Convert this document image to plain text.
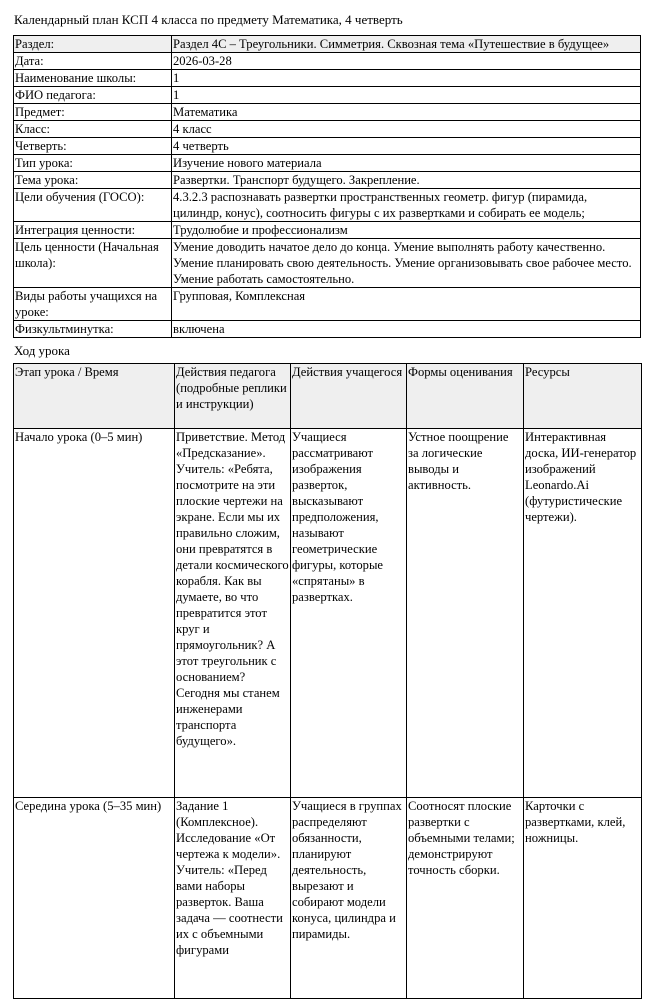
Календарный план КСП 4 класса по предмету Математика, 4 четверть
Раздел:	Раздел 4С – Треугольники. Симметрия. Сквозная тема «Путешествие в будущее»
Дата:	2026-03-28
Наименование школы:	1
ФИО педагога:	1
Предмет:	Математика
Класс:	4 класс
Четверть:	4 четверть
Тип урока:	Изучение нового материала
Тема урока:	Развертки. Транспорт будущего. Закрепление.
Цели обучения (ГОСО):	4.3.2.3 распознавать развертки пространственных геометр. фигур (пирамида, цилиндр, конус), соотносить фигуры с их развертками и собирать ее модель;
Интеграция ценности:	Трудолюбие и профессионализм
Цель ценности (Начальная школа):	Умение доводить начатое дело до конца. Умение выполнять работу качественно. Умение планировать свою деятельность. Умение организовывать свое рабочее место. Умение работать самостоятельно.
Виды работы учащихся на уроке:	Групповая, Комплексная
Физкультминутка:	включена
Ход урока
Этап урока / Время	Действия педагога (подробные реплики и инструкции)	Действия учащегося	Формы оценивания	Ресурсы
Начало урока (0–5 мин)	Приветствие. Метод «Предсказание». Учитель: «Ребята, посмотрите на эти плоские чертежи на экране. Если мы их правильно сложим, они превратятся в детали космического корабля. Как вы думаете, во что превратится этот круг и прямоугольник? А этот треугольник с основанием? Сегодня мы станем инженерами транспорта будущего».	Учащиеся рассматривают изображения разверток, высказывают предположения, называют геометрические фигуры, которые «спрятаны» в развертках.	Устное поощрение за логические выводы и активность.	Интерактивная доска, ИИ-генератор изображений Leonardo.Ai (футуристические чертежи).
Середина урока (5–35 мин)	Задание 1 (Комплексное). Исследование «От чертежа к модели». Учитель: «Перед вами наборы разверток. Ваша задача — соотнести их с объемными фигурами	Учащиеся в группах распределяют обязанности, планируют деятельность, вырезают и собирают модели конуса, цилиндра и пирамиды.	Соотносят плоские развертки с объемными телами; демонстрируют точность сборки.	Карточки с развертками, клей, ножницы.
